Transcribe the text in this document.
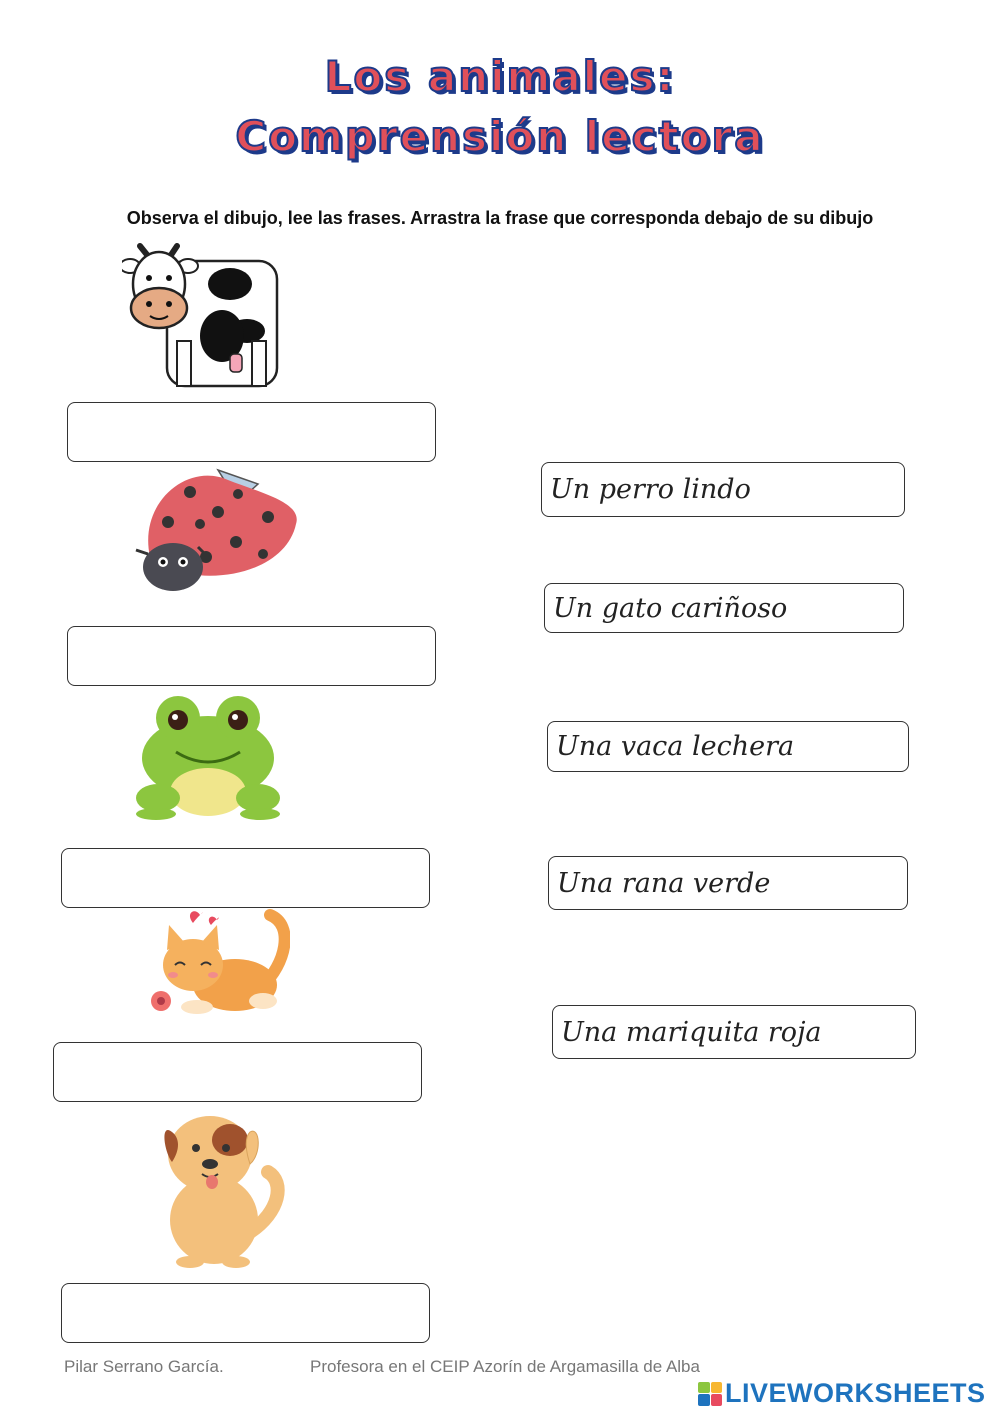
Los animales:
Comprensión lectora
Observa el dibujo, lee las frases. Arrastra la frase que corresponda debajo de su dibujo
Un perro lindo
Un gato cariñoso
Una vaca lechera
Una rana verde
Una mariquita roja
Pilar Serrano García.	Profesora en el CEIP Azorín de Argamasilla de Alba
LIVEWORKSHEETS
